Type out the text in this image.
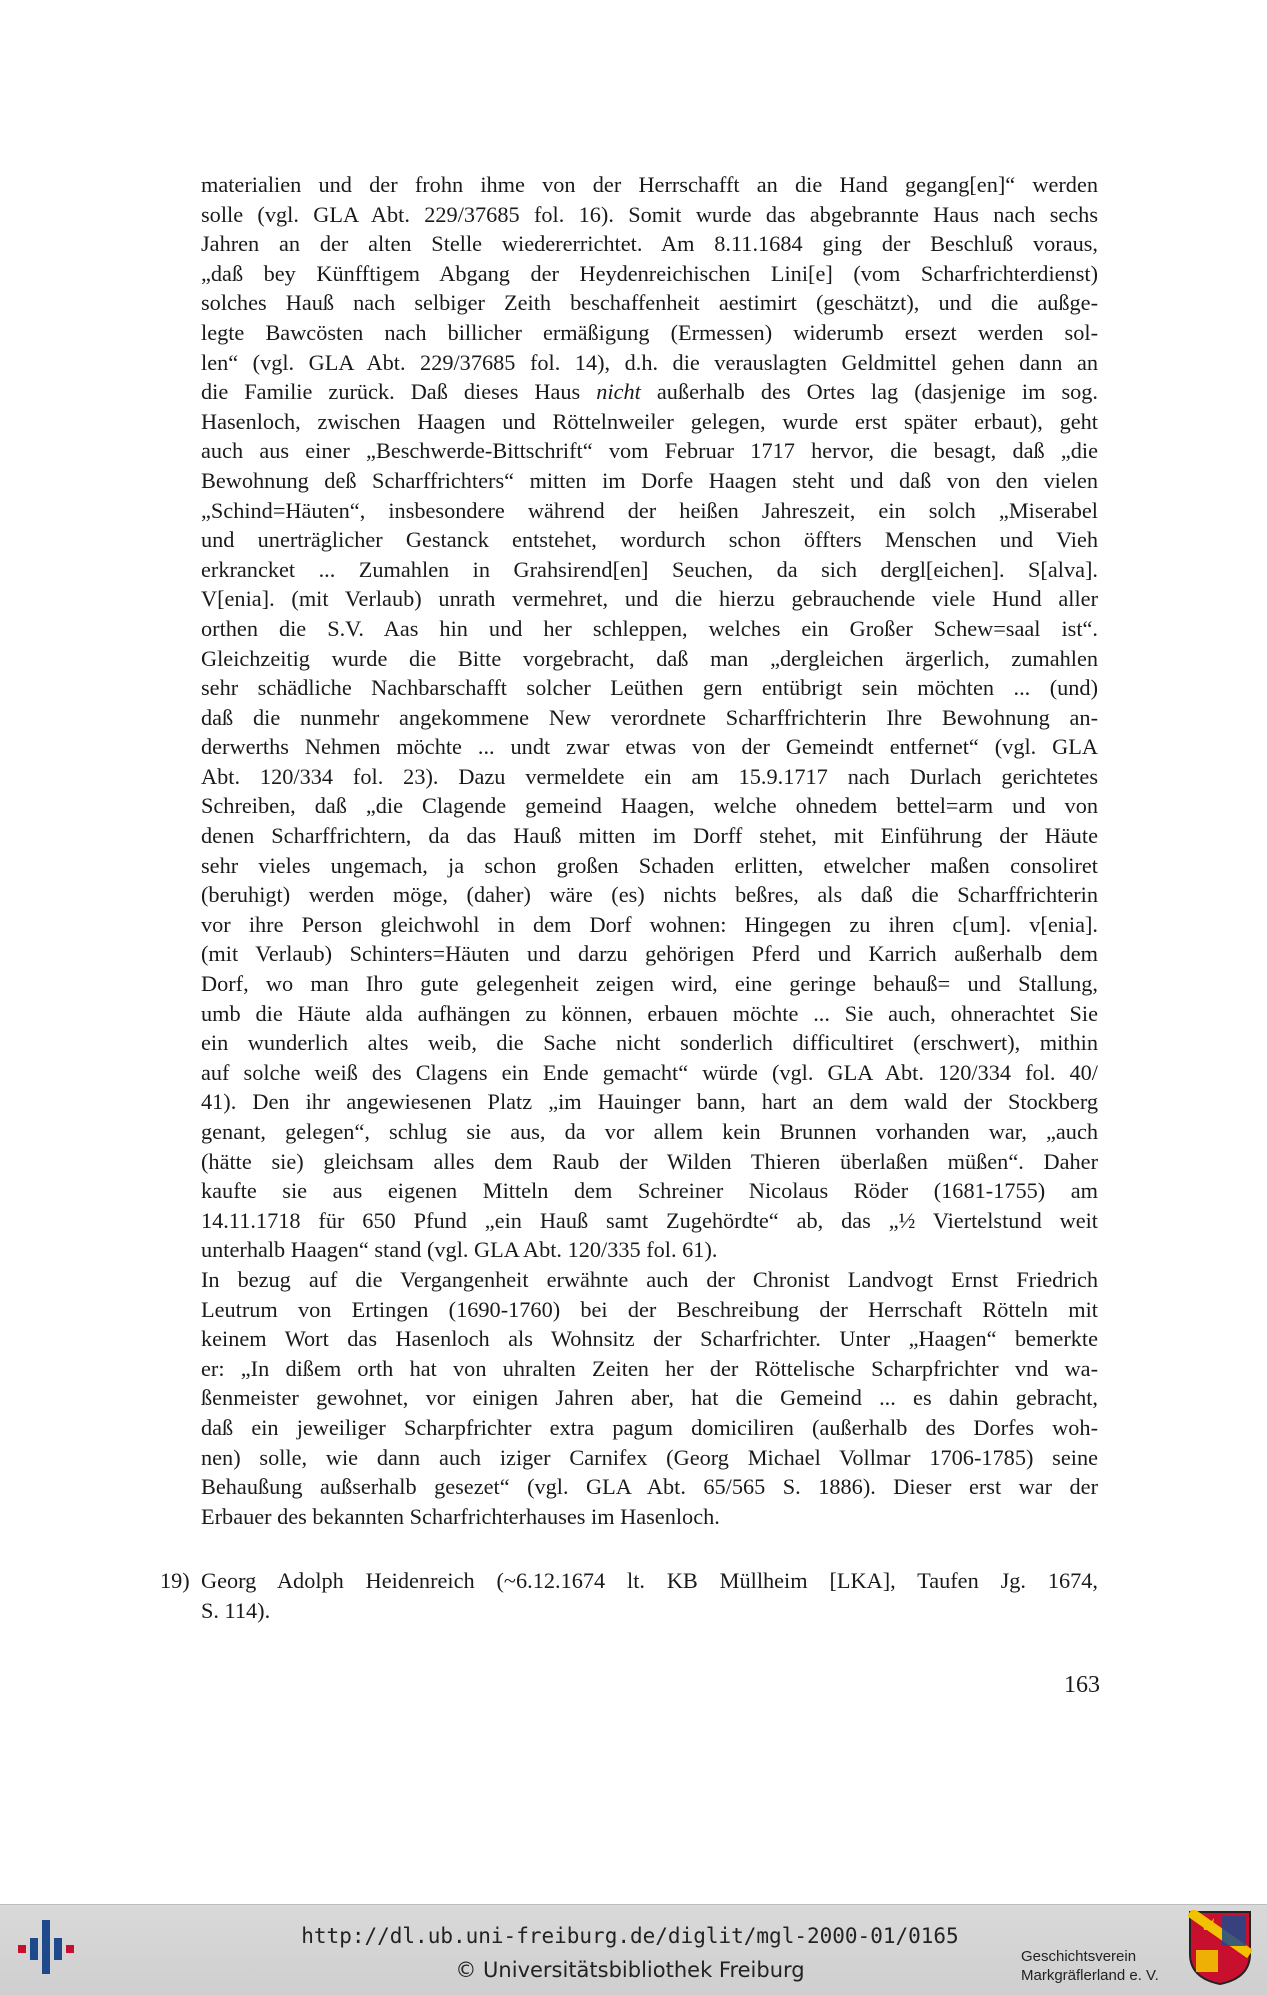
materialien und der frohn ihme von der Herrschafft an die Hand gegang[en]“ werden
solle (vgl. GLA Abt. 229/37685 fol. 16). Somit wurde das abgebrannte Haus nach sechs
Jahren an der alten Stelle wiedererrichtet. Am 8.11.1684 ging der Beschluß voraus,
„daß bey Künfftigem Abgang der Heydenreichischen Lini[e] (vom Scharfrichterdienst)
solches Hauß nach selbiger Zeith beschaffenheit aestimirt (geschätzt), und die außge-
legte Bawcösten nach billicher ermäßigung (Ermessen) widerumb ersezt werden sol-
len“ (vgl. GLA Abt. 229/37685 fol. 14), d.h. die verauslagten Geldmittel gehen dann an
die Familie zurück. Daß dieses Haus nicht außerhalb des Ortes lag (dasjenige im sog.
Hasenloch, zwischen Haagen und Röttelnweiler gelegen, wurde erst später erbaut), geht
auch aus einer „Beschwerde-Bittschrift“ vom Februar 1717 hervor, die besagt, daß „die
Bewohnung deß Scharffrichters“ mitten im Dorfe Haagen steht und daß von den vielen
„Schind=Häuten“, insbesondere während der heißen Jahreszeit, ein solch „Miserabel
und unerträglicher Gestanck entstehet, wordurch schon öffters Menschen und Vieh
erkrancket ... Zumahlen in Grahsirend[en] Seuchen, da sich dergl[eichen]. S[alva].
V[enia]. (mit Verlaub) unrath vermehret, und die hierzu gebrauchende viele Hund aller
orthen die S.V. Aas hin und her schleppen, welches ein Großer Schew=saal ist“.
Gleichzeitig wurde die Bitte vorgebracht, daß man „dergleichen ärgerlich, zumahlen
sehr schädliche Nachbarschafft solcher Leüthen gern entübrigt sein möchten ... (und)
daß die nunmehr angekommene New verordnete Scharffrichterin Ihre Bewohnung an-
derwerths Nehmen möchte ... undt zwar etwas von der Gemeindt entfernet“ (vgl. GLA
Abt. 120/334 fol. 23). Dazu vermeldete ein am 15.9.1717 nach Durlach gerichtetes
Schreiben, daß „die Clagende gemeind Haagen, welche ohnedem bettel=arm und von
denen Scharffrichtern, da das Hauß mitten im Dorff stehet, mit Einführung der Häute
sehr vieles ungemach, ja schon großen Schaden erlitten, etwelcher maßen consoliret
(beruhigt) werden möge, (daher) wäre (es) nichts beßres, als daß die Scharffrichterin
vor ihre Person gleichwohl in dem Dorf wohnen: Hingegen zu ihren c[um]. v[enia].
(mit Verlaub) Schinters=Häuten und darzu gehörigen Pferd und Karrich außerhalb dem
Dorf, wo man Ihro gute gelegenheit zeigen wird, eine geringe behauß= und Stallung,
umb die Häute alda aufhängen zu können, erbauen möchte ... Sie auch, ohnerachtet Sie
ein wunderlich altes weib, die Sache nicht sonderlich difficultiret (erschwert), mithin
auf solche weiß des Clagens ein Ende gemacht“ würde (vgl. GLA Abt. 120/334 fol. 40/
41). Den ihr angewiesenen Platz „im Hauinger bann, hart an dem wald der Stockberg
genant, gelegen“, schlug sie aus, da vor allem kein Brunnen vorhanden war, „auch
(hätte sie) gleichsam alles dem Raub der Wilden Thieren überlaßen müßen“. Daher
kaufte sie aus eigenen Mitteln dem Schreiner Nicolaus Röder (1681-1755) am
14.11.1718 für 650 Pfund „ein Hauß samt Zugehördte“ ab, das „½ Viertelstund weit
unterhalb Haagen“ stand (vgl. GLA Abt. 120/335 fol. 61).
In bezug auf die Vergangenheit erwähnte auch der Chronist Landvogt Ernst Friedrich
Leutrum von Ertingen (1690-1760) bei der Beschreibung der Herrschaft Rötteln mit
keinem Wort das Hasenloch als Wohnsitz der Scharfrichter. Unter „Haagen“ bemerkte
er: „In dißem orth hat von uhralten Zeiten her der Röttelische Scharpfrichter vnd wa-
ßenmeister gewohnet, vor einigen Jahren aber, hat die Gemeind ... es dahin gebracht,
daß ein jeweiliger Scharpfrichter extra pagum domiciliren (außerhalb des Dorfes woh-
nen) solle, wie dann auch iziger Carnifex (Georg Michael Vollmar 1706-1785) seine
Behaußung außserhalb gesezet“ (vgl. GLA Abt. 65/565 S. 1886). Dieser erst war der
Erbauer des bekannten Scharfrichterhauses im Hasenloch.
19) Georg Adolph Heidenreich (~6.12.1674 lt. KB Müllheim [LKA], Taufen Jg. 1674,
S. 114).
163
http://dl.ub.uni-freiburg.de/diglit/mgl-2000-01/0165
© Universitätsbibliothek Freiburg
Geschichtsverein
Markgräflerland e. V.
